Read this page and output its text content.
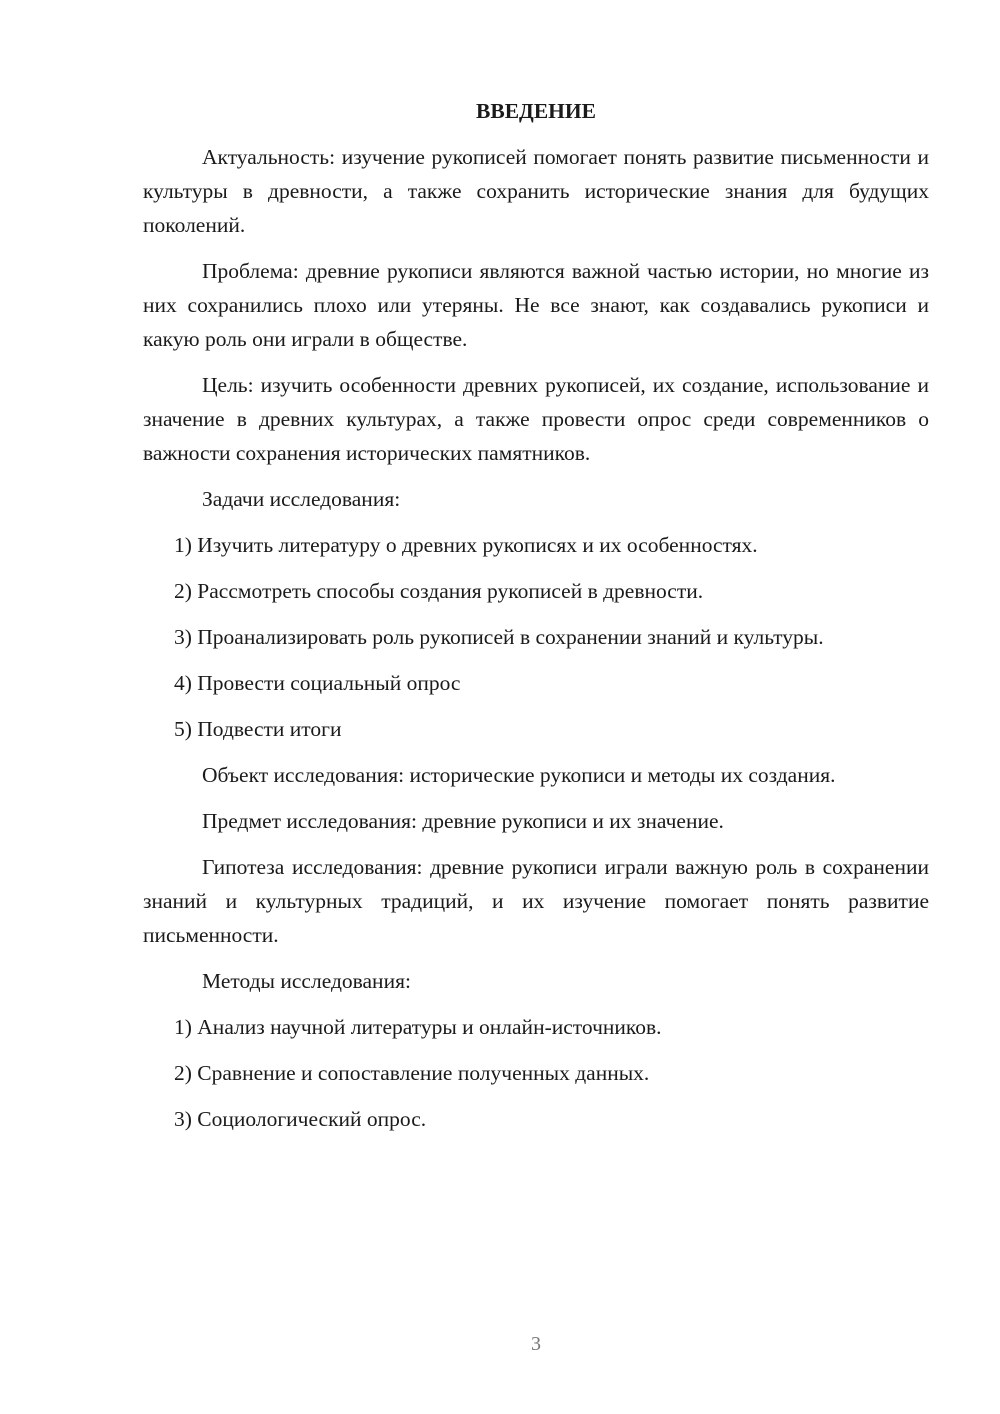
ВВЕДЕНИЕ

Актуальность: изучение рукописей помогает понять развитие письменности и культуры в древности, а также сохранить исторические знания для будущих поколений.

Проблема: древние рукописи являются важной частью истории, но многие из них сохранились плохо или утеряны. Не все знают, как создавались рукописи и какую роль они играли в обществе.

Цель: изучить особенности древних рукописей, их создание, использование и значение в древних культурах, а также провести опрос среди современников о важности сохранения исторических памятников.

Задачи исследования:

1) Изучить литературу о древних рукописях и их особенностях.

2) Рассмотреть способы создания рукописей в древности.

3) Проанализировать роль рукописей в сохранении знаний и культуры.

4) Провести социальный опрос

5) Подвести итоги

Объект исследования: исторические рукописи и методы их создания.

Предмет исследования: древние рукописи и их значение.

Гипотеза исследования: древние рукописи играли важную роль в сохранении знаний и культурных традиций, и их изучение помогает понять развитие письменности.

Методы исследования:

1) Анализ научной литературы и онлайн-источников.

2) Сравнение и сопоставление полученных данных.

3) Социологический опрос.

3
